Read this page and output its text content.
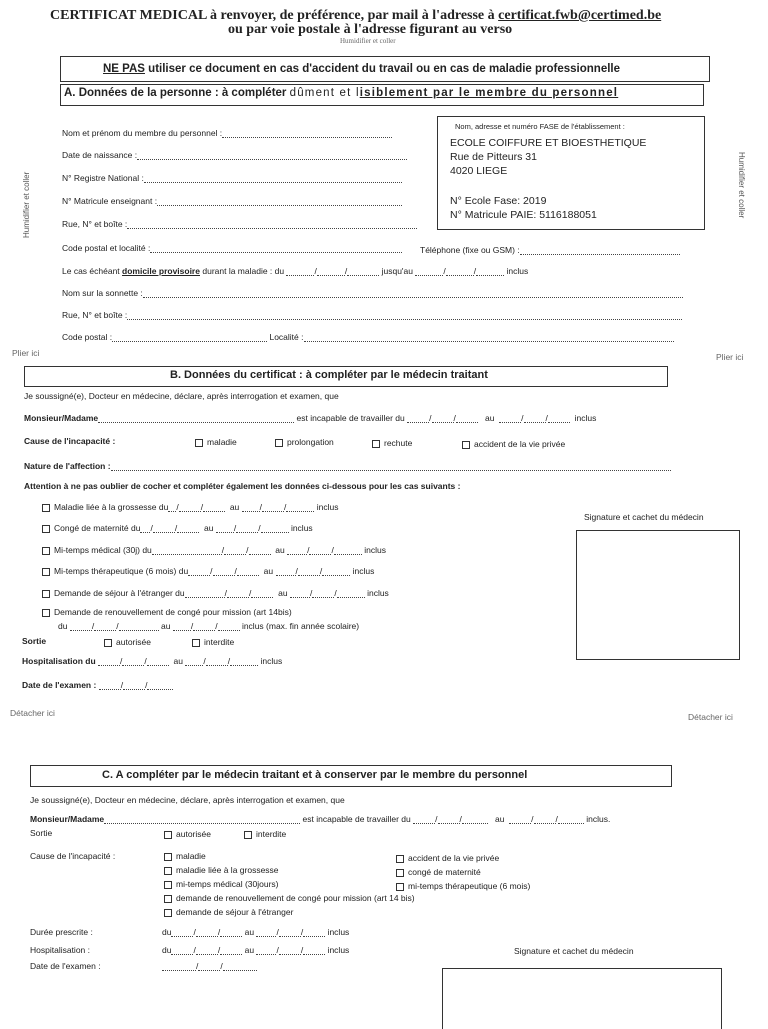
CERTIFICAT MEDICAL à renvoyer, de préférence, par mail à l'adresse à certificat.fwb@certimed.be
ou par voie postale à l'adresse figurant au verso
Humidifier et coller
NE PAS utiliser ce document en cas d'accident du travail ou en cas de maladie professionnelle
A. Données de la personne : à compléter dûment et lisiblement par le membre du personnel
Humidifier et coller	Humidifier et coller
Nom et prénom du membre du personnel :
Date de naissance :
N° Registre National :
N° Matricule enseignant :
Rue, N° et boîte :
Nom, adresse et numéro FASE de l'établissement :
ECOLE COIFFURE ET BIOESTHETIQUE
Rue de Pitteurs 31
4020 LIEGE
N° Ecole Fase: 2019
N° Matricule PAIE: 5116188051
Code postal et localité :	Téléphone (fixe ou GSM) :
Le cas échéant domicile provisoire durant la maladie : du	/	/	jusqu'au	/	/	inclus
Nom sur la sonnette :
Rue, N° et boîte :
Code postal :	Localité :
Plier ici	Plier ici
B. Données du certificat : à compléter par le médecin traitant
Je soussigné(e), Docteur en médecine, déclare, après interrogation et examen, que
Monsieur/Madame	est incapable de travailler du	/	/	au	/	/	inclus
Cause de l'incapacité :	maladie	prolongation	rechute	accident de la vie privée
Nature de l'affection :
Attention à ne pas oublier de cocher et compléter également les données ci-dessous pour les cas suivants :
Maladie liée à la grossesse du /	/	au /	/	inclus
Congé de maternité du /	/	au /	/	inclus
Mi-temps médical (30j) du	/	/	au	/	/	inclus
Mi-temps thérapeutique (6 mois) du	/	/	au	/	/	inclus
Demande de séjour à l'étranger du	/	/	au	/	/	inclus
Demande de renouvellement de congé pour mission (art 14bis)
du	/	/	au /	/	inclus (max. fin année scolaire)
Sortie	autorisée	interdite
Hospitalisation du	/	/	au /	/	inclus
Date de l'examen :	/	/
Signature et cachet du médecin
Détacher ici	Détacher ici
C. A compléter par le médecin traitant et à conserver par le membre du personnel
Je soussigné(e), Docteur en médecine, déclare, après interrogation et examen, que
Monsieur/Madame	est incapable de travailler du	/	/	au	/	/	inclus.
Sortie	autorisée	interdite
Cause de l'incapacité :	maladie
maladie liée à la grossesse
mi-temps médical (30jours)
demande de renouvellement de congé pour mission (art 14 bis)
demande de séjour à l'étranger
accident de la vie privée
congé de maternité
mi-temps thérapeutique (6 mois)
Durée prescrite :	du	/	/	au	/	/	inclus
Hospitalisation :	du	/	/	au	/	/	inclus
Date de l'examen :	/	/
Signature et cachet du médecin
